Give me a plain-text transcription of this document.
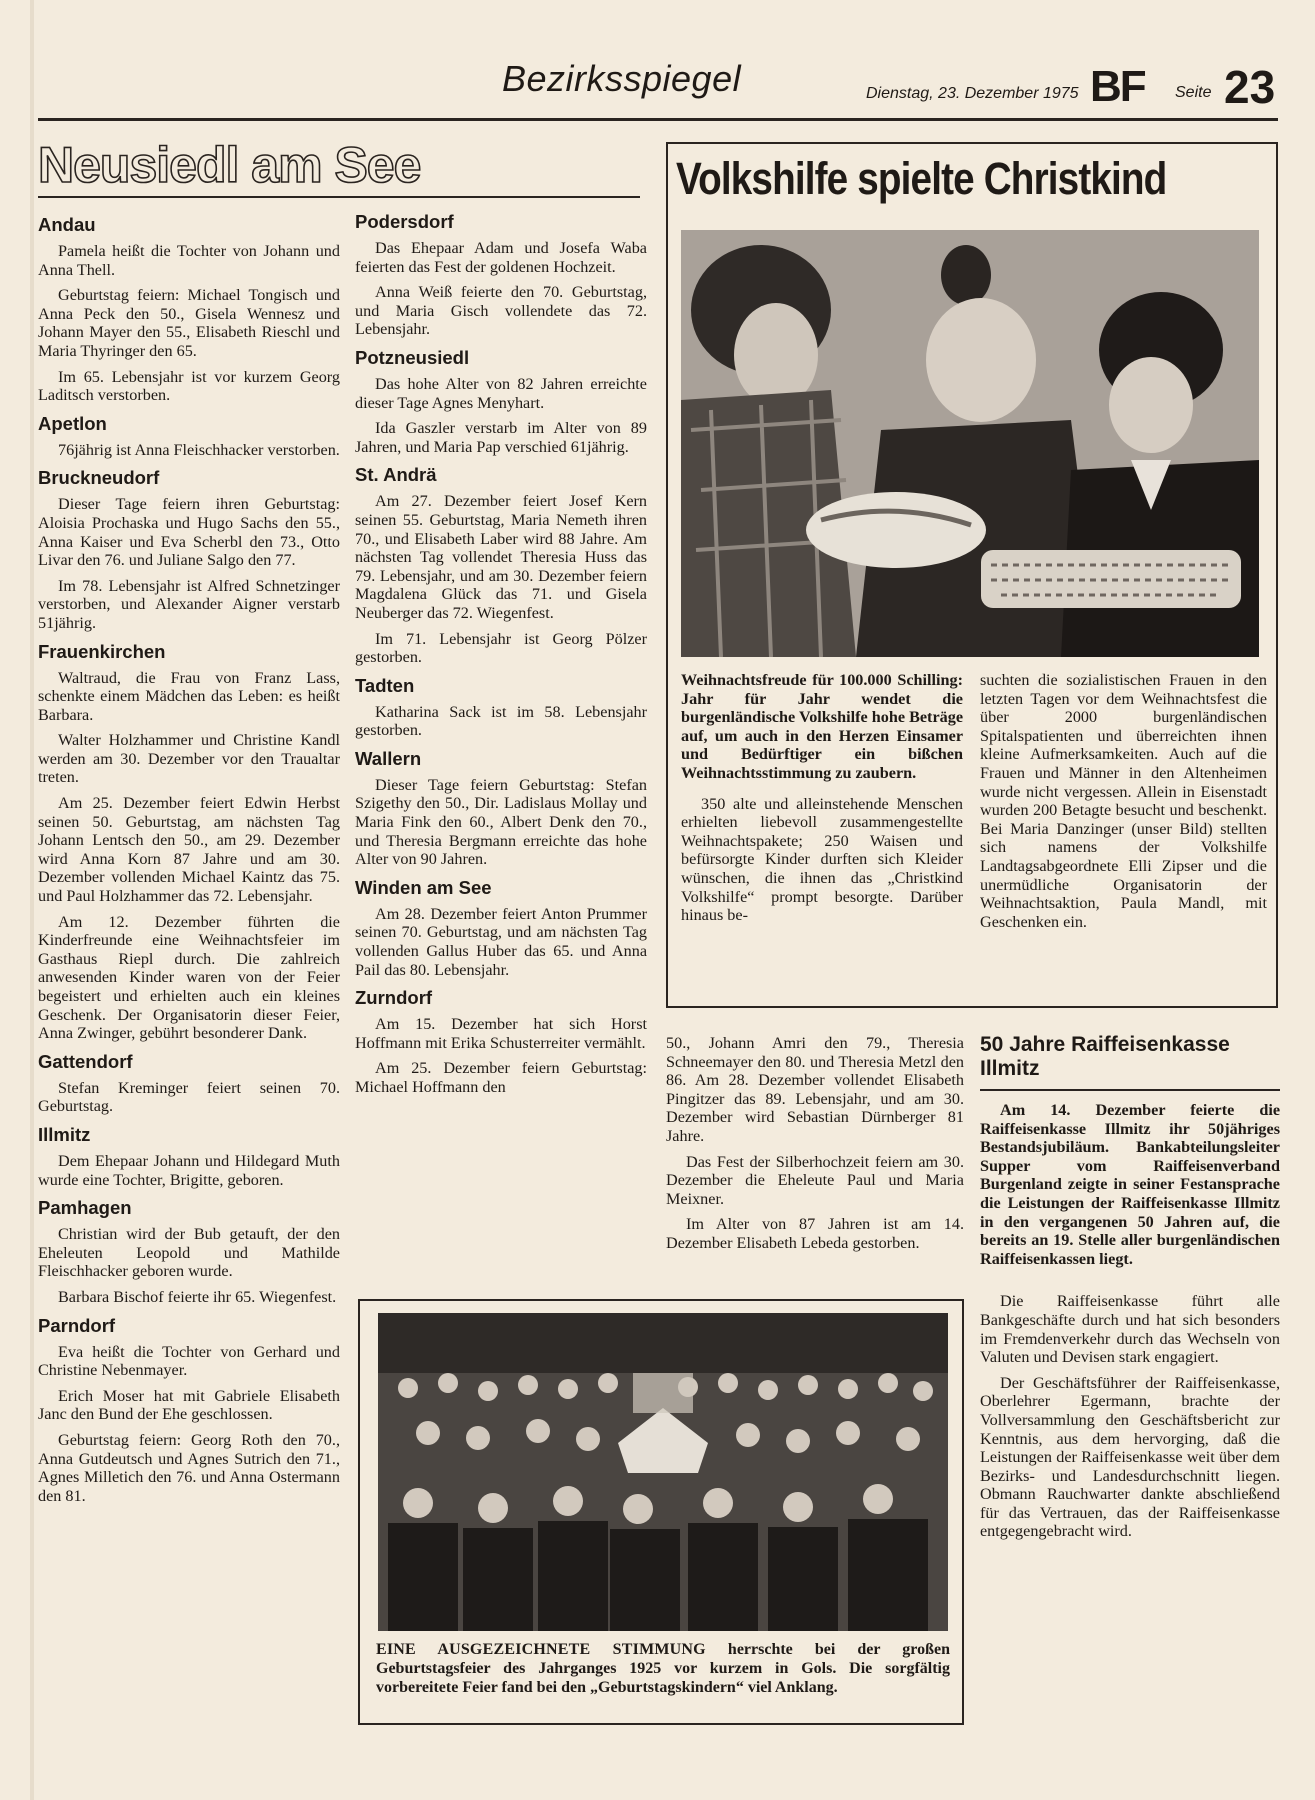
Bezirksspiegel	Dienstag, 23. Dezember 1975 BF Seite 23
Neusiedl am See
Andau

Pamela heißt die Tochter von Johann und Anna Thell.

Geburtstag feiern: Michael Tongisch und Anna Peck den 50., Gisela Wennesz und Johann Mayer den 55., Elisabeth Rieschl und Maria Thyringer den 65.

Im 65. Lebensjahr ist vor kurzem Georg Laditsch verstorben.

Apetlon

76jährig ist Anna Fleischhacker verstorben.

Bruckneudorf

Dieser Tage feiern ihren Geburtstag: Aloisia Prochaska und Hugo Sachs den 55., Anna Kaiser und Eva Scherbl den 73., Otto Livar den 76. und Juliane Salgo den 77.

Im 78. Lebensjahr ist Alfred Schnetzinger verstorben, und Alexander Aigner verstarb 51jährig.

Frauenkirchen

Waltraud, die Frau von Franz Lass, schenkte einem Mädchen das Leben: es heißt Barbara.

Walter Holzhammer und Christine Kandl werden am 30. Dezember vor den Traualtar treten.

Am 25. Dezember feiert Edwin Herbst seinen 50. Geburtstag, am nächsten Tag Johann Lentsch den 50., am 29. Dezember wird Anna Korn 87 Jahre und am 30. Dezember vollenden Michael Kaintz das 75. und Paul Holzhammer das 72. Lebensjahr.

Am 12. Dezember führten die Kinderfreunde eine Weihnachtsfeier im Gasthaus Riepl durch. Die zahlreich anwesenden Kinder waren von der Feier begeistert und erhielten auch ein kleines Geschenk. Der Organisatorin dieser Feier, Anna Zwinger, gebührt besonderer Dank.

Gattendorf

Stefan Kreminger feiert seinen 70. Geburtstag.

Illmitz

Dem Ehepaar Johann und Hildegard Muth wurde eine Tochter, Brigitte, geboren.

Pamhagen

Christian wird der Bub getauft, der den Eheleuten Leopold und Mathilde Fleischhacker geboren wurde.

Barbara Bischof feierte ihr 65. Wiegenfest.

Parndorf

Eva heißt die Tochter von Gerhard und Christine Nebenmayer.

Erich Moser hat mit Gabriele Elisabeth Janc den Bund der Ehe geschlossen.

Geburtstag feiern: Georg Roth den 70., Anna Gutdeutsch und Agnes Sutrich den 71., Agnes Milletich den 76. und Anna Ostermann den 81.

Podersdorf

Das Ehepaar Adam und Josefa Waba feierten das Fest der goldenen Hochzeit.

Anna Weiß feierte den 70. Geburtstag, und Maria Gisch vollendete das 72. Lebensjahr.

Potzneusiedl

Das hohe Alter von 82 Jahren erreichte dieser Tage Agnes Menyhart.

Ida Gaszler verstarb im Alter von 89 Jahren, und Maria Pap verschied 61jährig.

St. Andrä

Am 27. Dezember feiert Josef Kern seinen 55. Geburtstag, Maria Nemeth ihren 70., und Elisabeth Laber wird 88 Jahre. Am nächsten Tag vollendet Theresia Huss das 79. Lebensjahr, und am 30. Dezember feiern Magdalena Glück das 71. und Gisela Neuberger das 72. Wiegenfest.

Im 71. Lebensjahr ist Georg Pölzer gestorben.

Tadten

Katharina Sack ist im 58. Lebensjahr gestorben.

Wallern

Dieser Tage feiern Geburtstag: Stefan Szigethy den 50., Dir. Ladislaus Mollay und Maria Fink den 60., Albert Denk den 70., und Theresia Bergmann erreichte das hohe Alter von 90 Jahren.

Winden am See

Am 28. Dezember feiert Anton Prummer seinen 70. Geburtstag, und am nächsten Tag vollenden Gallus Huber das 65. und Anna Pail das 80. Lebensjahr.

Zurndorf

Am 15. Dezember hat sich Horst Hoffmann mit Erika Schusterreiter vermählt.

Am 25. Dezember feiern Geburtstag: Michael Hoffmann den

50., Johann Amri den 79., Theresia Schneemayer den 80. und Theresia Metzl den 86. Am 28. Dezember vollendet Elisabeth Pingitzer das 89. Lebensjahr, und am 30. Dezember wird Sebastian Dürnberger 81 Jahre.

Das Fest der Silberhochzeit feiern am 30. Dezember die Eheleute Paul und Maria Meixner.

Im Alter von 87 Jahren ist am 14. Dezember Elisabeth Lebeda gestorben.

Volkshilfe spielte Christkind

Weihnachtsfreude für 100.000 Schilling: Jahr für Jahr wendet die burgenländische Volkshilfe hohe Beträge auf, um auch in den Herzen Einsamer und Bedürftiger ein bißchen Weihnachtsstimmung zu zaubern.

350 alte und alleinstehende Menschen erhielten liebevoll zusammengestellte Weihnachtspakete; 250 Waisen und befürsorgte Kinder durften sich Kleider wünschen, die ihnen das „Christkind Volkshilfe“ prompt besorgte. Darüber hinaus be-

suchten die sozialistischen Frauen in den letzten Tagen vor dem Weihnachtsfest die über 2000 burgenländischen Spitalspatienten und überreichten ihnen kleine Aufmerksamkeiten. Auch auf die Frauen und Männer in den Altenheimen wurde nicht vergessen. Allein in Eisenstadt wurden 200 Betagte besucht und beschenkt. Bei Maria Danzinger (unser Bild) stellten sich namens der Volkshilfe Landtagsabgeordnete Elli Zipser und die unermüdliche Organisatorin der Weihnachtsaktion, Paula Mandl, mit Geschenken ein.

50 Jahre Raiffeisenkasse Illmitz

Am 14. Dezember feierte die Raiffeisenkasse Illmitz ihr 50jähriges Bestandsjubiläum. Bankabteilungsleiter Supper vom Raiffeisenverband Burgenland zeigte in seiner Festansprache die Leistungen der Raiffeisenkasse Illmitz in den vergangenen 50 Jahren auf, die bereits an 19. Stelle aller burgenländischen Raiffeisenkassen liegt.

Die Raiffeisenkasse führt alle Bankgeschäfte durch und hat sich besonders im Fremdenverkehr durch das Wechseln von Valuten und Devisen stark engagiert.

Der Geschäftsführer der Raiffeisenkasse, Oberlehrer Egermann, brachte der Vollversammlung den Geschäftsbericht zur Kenntnis, aus dem hervorging, daß die Leistungen der Raiffeisenkasse weit über dem Bezirks- und Landesdurchschnitt liegen. Obmann Rauchwarter dankte abschließend für das Vertrauen, das der Raiffeisenkasse entgegengebracht wird.

EINE AUSGEZEICHNETE STIMMUNG herrschte bei der großen Geburtstagsfeier des Jahrganges 1925 vor kurzem in Gols. Die sorgfältig vorbereitete Feier fand bei den „Geburtstagskindern“ viel Anklang.
